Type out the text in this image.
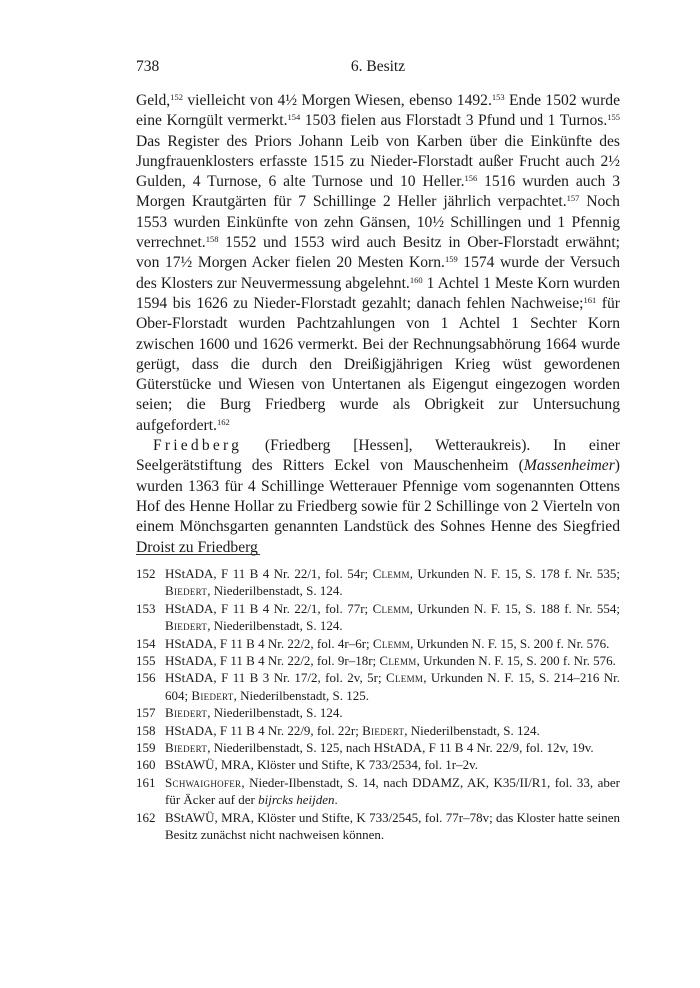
738	6. Besitz

Geld,$^{152}$ vielleicht von 4½ Morgen Wiesen, ebenso 1492.$^{153}$ Ende 1502 wurde eine Korngült vermerkt.$^{154}$ 1503 fielen aus Florstadt 3 Pfund und 1 Turnos.$^{155}$ Das Register des Priors Johann Leib von Karben über die Einkünfte des Jungfrauenklosters erfasste 1515 zu Nieder-Florstadt außer Frucht auch 2½ Gulden, 4 Turnose, 6 alte Turnose und 10 Heller.$^{156}$ 1516 wurden auch 3 Morgen Krautgärten für 7 Schillinge 2 Heller jährlich verpachtet.$^{157}$ Noch 1553 wurden Einkünfte von zehn Gänsen, 10½ Schillingen und 1 Pfennig verrechnet.$^{158}$ 1552 und 1553 wird auch Besitz in Ober-Florstadt erwähnt; von 17½ Morgen Acker fielen 20 Mesten Korn.$^{159}$ 1574 wurde der Versuch des Klosters zur Neuvermessung abgelehnt.$^{160}$ 1 Achtel 1 Meste Korn wurden 1594 bis 1626 zu Nieder-Florstadt gezahlt; danach fehlen Nachweise;$^{161}$ für Ober-Florstadt wurden Pachtzahlungen von 1 Achtel 1 Sechter Korn zwischen 1600 und 1626 vermerkt. Bei der Rechnungsabhörung 1664 wurde gerügt, dass die durch den Dreißigjährigen Krieg wüst gewordenen Güterstücke und Wiesen von Untertanen als Eigengut eingezogen worden seien; die Burg Friedberg wurde als Obrigkeit zur Untersuchung aufgefordert.$^{162}$

Friedberg (Friedberg [Hessen], Wetteraukreis). In einer Seelgerätstiftung des Ritters Eckel von Mauschenheim (Massenheimer) wurden 1363 für 4 Schillinge Wetterauer Pfennige vom sogenannten Ottens Hof des Henne Hollar zu Friedberg sowie für 2 Schillinge von 2 Vierteln von einem Mönchsgarten genannten Landstück des Sohnes Henne des Siegfried Droist zu Friedberg

152 HStADA, F 11 B 4 Nr. 22/1, fol. 54r; Clemm, Urkunden N. F. 15, S. 178 f. Nr. 535; Biedert, Niederilbenstadt, S. 124.
153 HStADA, F 11 B 4 Nr. 22/1, fol. 77r; Clemm, Urkunden N. F. 15, S. 188 f. Nr. 554; Biedert, Niederilbenstadt, S. 124.
154 HStADA, F 11 B 4 Nr. 22/2, fol. 4r–6r; Clemm, Urkunden N. F. 15, S. 200 f. Nr. 576.
155 HStADA, F 11 B 4 Nr. 22/2, fol. 9r–18r; Clemm, Urkunden N. F. 15, S. 200 f. Nr. 576.
156 HStADA, F 11 B 3 Nr. 17/2, fol. 2v, 5r; Clemm, Urkunden N. F. 15, S. 214–216 Nr. 604; Biedert, Niederilbenstadt, S. 125.
157 Biedert, Niederilbenstadt, S. 124.
158 HStADA, F 11 B 4 Nr. 22/9, fol. 22r; Biedert, Niederilbenstadt, S. 124.
159 Biedert, Niederilbenstadt, S. 125, nach HStADA, F 11 B 4 Nr. 22/9, fol. 12v, 19v.
160 BStAWÜ, MRA, Klöster und Stifte, K 733/2534, fol. 1r–2v.
161 Schwaighofer, Nieder-Ilbenstadt, S. 14, nach DDAMZ, AK, K35/II/R1, fol. 33, aber für Äcker auf der bijrcks heijden.
162 BStAWÜ, MRA, Klöster und Stifte, K 733/2545, fol. 77r–78v; das Kloster hatte seinen Besitz zunächst nicht nachweisen können.
